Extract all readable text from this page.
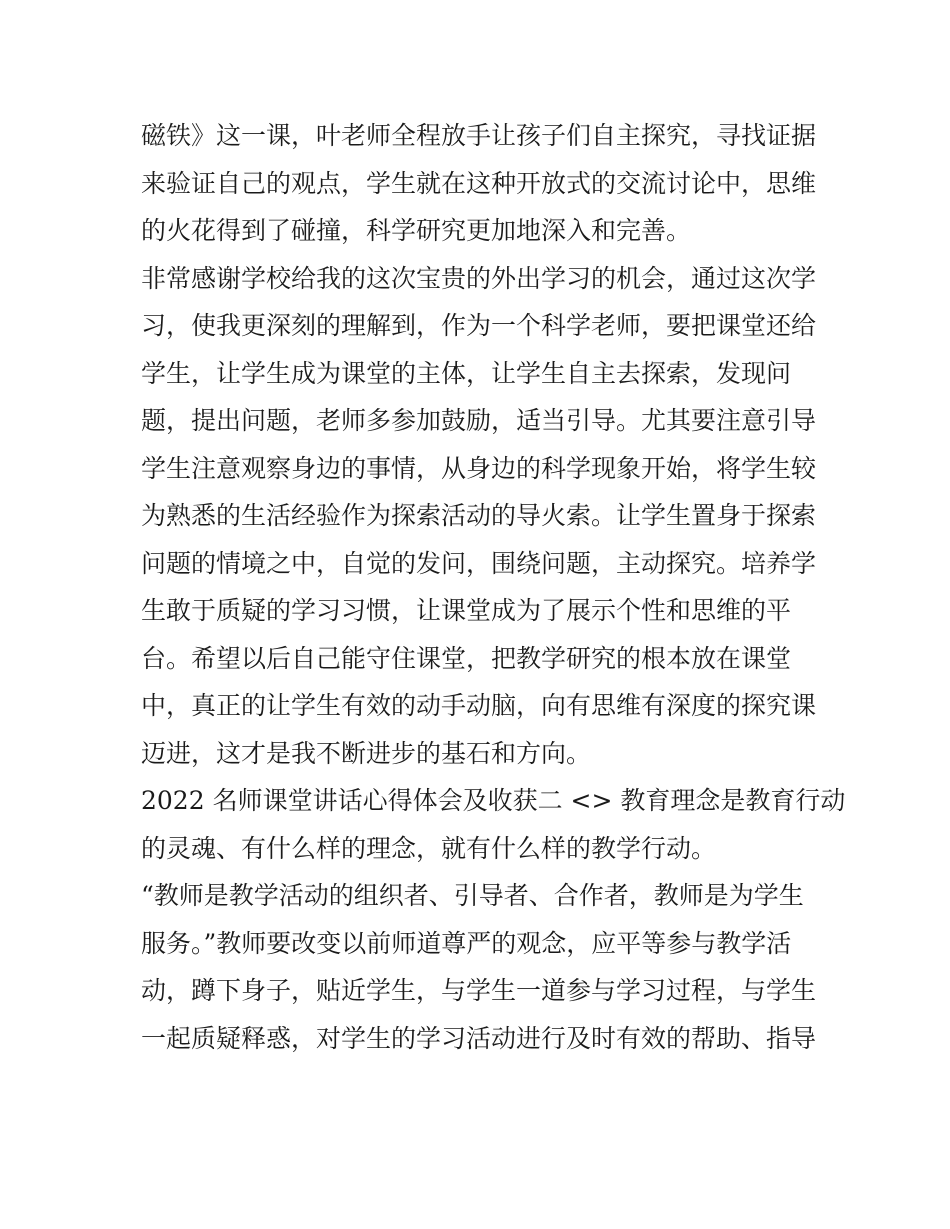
磁铁》这一课，叶老师全程放手让孩子们自主探究，寻找证据
来验证自己的观点，学生就在这种开放式的交流讨论中，思维
的火花得到了碰撞，科学研究更加地深入和完善。
非常感谢学校给我的这次宝贵的外出学习的机会，通过这次学
习，使我更深刻的理解到，作为一个科学老师，要把课堂还给
学生，让学生成为课堂的主体，让学生自主去探索，发现问
题，提出问题，老师多参加鼓励，适当引导。尤其要注意引导
学生注意观察身边的事情，从身边的科学现象开始，将学生较
为熟悉的生活经验作为探索活动的导火索。让学生置身于探索
问题的情境之中，自觉的发问，围绕问题，主动探究。培养学
生敢于质疑的学习习惯，让课堂成为了展示个性和思维的平
台。希望以后自己能守住课堂，把教学研究的根本放在课堂
中，真正的让学生有效的动手动脑，向有思维有深度的探究课
迈进，这才是我不断进步的基石和方向。
2022 名师课堂讲话心得体会及收获二 <> 教育理念是教育行动
的灵魂、有什么样的理念，就有什么样的教学行动。
“教师是教学活动的组织者、引导者、合作者，教师是为学生
服务。”教师要改变以前师道尊严的观念，应平等参与教学活
动，蹲下身子，贴近学生，与学生一道参与学习过程，与学生
一起质疑释惑，对学生的学习活动进行及时有效的帮助、指导
